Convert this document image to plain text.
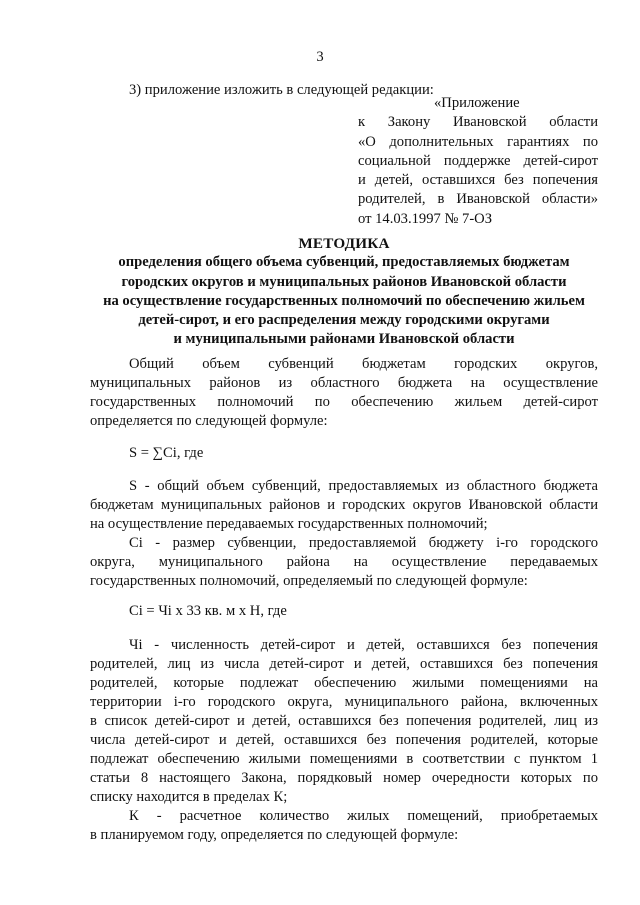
3
3) приложение изложить в следующей редакции:
«Приложение
к Закону Ивановской области
«О дополнительных гарантиях по
социальной поддержке детей-сирот
и детей, оставшихся без попечения
родителей, в Ивановской области»
от 14.03.1997 № 7-ОЗ
МЕТОДИКА
определения общего объема субвенций, предоставляемых бюджетам
городских округов и муниципальных районов Ивановской области
на осуществление государственных полномочий по обеспечению жильем
детей-сирот, и его распределения между городскими округами
и муниципальными районами Ивановской области
Общий объем субвенций бюджетам городских округов,
муниципальных районов из областного бюджета на осуществление
государственных полномочий по обеспечению жильем детей-сирот
определяется по следующей формуле:
S = ∑Ci, где
S - общий объем субвенций, предоставляемых из областного бюджета
бюджетам муниципальных районов и городских округов Ивановской области
на осуществление передаваемых государственных полномочий;
Ci - размер субвенции, предоставляемой бюджету i-го городского
округа, муниципального района на осуществление передаваемых
государственных полномочий, определяемый по следующей формуле:
Ci = Чi х 33 кв. м х Н, где
Чi - численность детей-сирот и детей, оставшихся без попечения
родителей, лиц из числа детей-сирот и детей, оставшихся без попечения
родителей, которые подлежат обеспечению жилыми помещениями на
территории i-го городского округа, муниципального района, включенных
в список детей-сирот и детей, оставшихся без попечения родителей, лиц из
числа детей-сирот и детей, оставшихся без попечения родителей, которые
подлежат обеспечению жилыми помещениями в соответствии с пунктом 1
статьи 8 настоящего Закона, порядковый номер очередности которых по
списку находится в пределах К;
К - расчетное количество жилых помещений, приобретаемых
в планируемом году, определяется по следующей формуле:
